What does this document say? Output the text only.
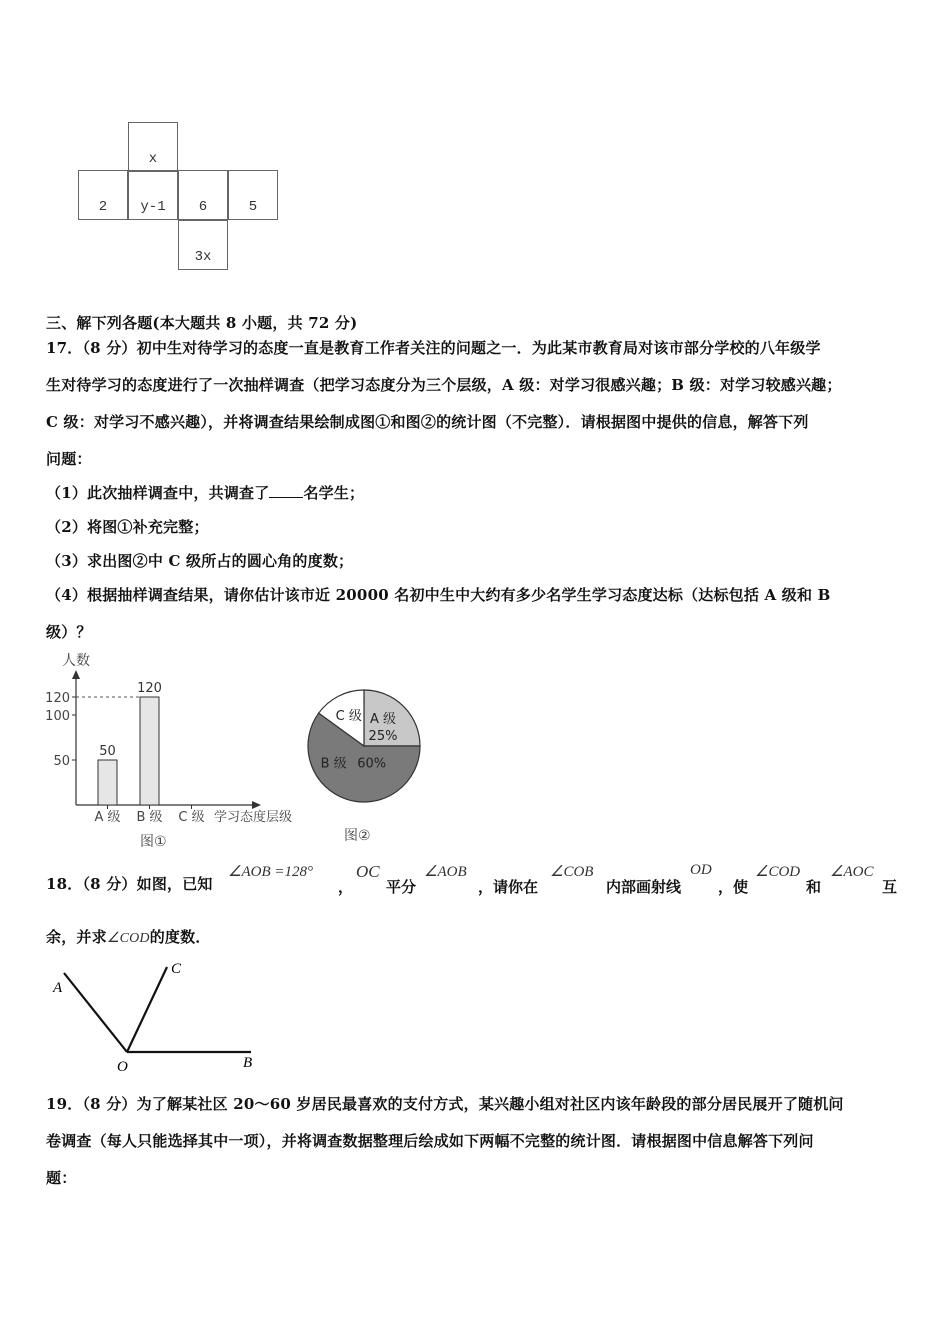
x
2 y-1 6	5
3x
三、解下列各题(本大题共 8 小题，共 72 分)
17．（8 分）初中生对待学习的态度一直是教育工作者关注的问题之一．为此某市教育局对该市部分学校的八年级学
生对待学习的态度进行了一次抽样调查（把学习态度分为三个层级，A 级：对学习很感兴趣；B 级：对学习较感兴趣；
C 级：对学习不感兴趣），并将调查结果绘制成图①和图②的统计图（不完整）．请根据图中提供的信息，解答下列
问题：
（1）此次抽样调查中，共调查了 名学生；
（2）将图①补充完整；
（3）求出图②中 C 级所占的圆心角的度数；
（4）根据抽样调查结果，请你估计该市近 20000 名初中生中大约有多少名学生学习态度达标（达标包括 A 级和 B
级）？
人数
50
100
120
50
A 级
120
B 级 C 级 学习态度层级
图①
A 级
25%
B 级 60%
C 级
图②
18．（8 分）如图，已知
∠AOB =128°
，
OC
平分
∠AOB
，请你在
∠COB
内部画射线
OD
，使
∠COD
和
∠AOC
互
余，并求∠COD的度数．
A
C
O	B
19．（8 分）为了解某社区 20～60 岁居民最喜欢的支付方式，某兴趣小组对社区内该年龄段的部分居民展开了随机问
卷调查（每人只能选择其中一项），并将调查数据整理后绘成如下两幅不完整的统计图．请根据图中信息解答下列问
题：
